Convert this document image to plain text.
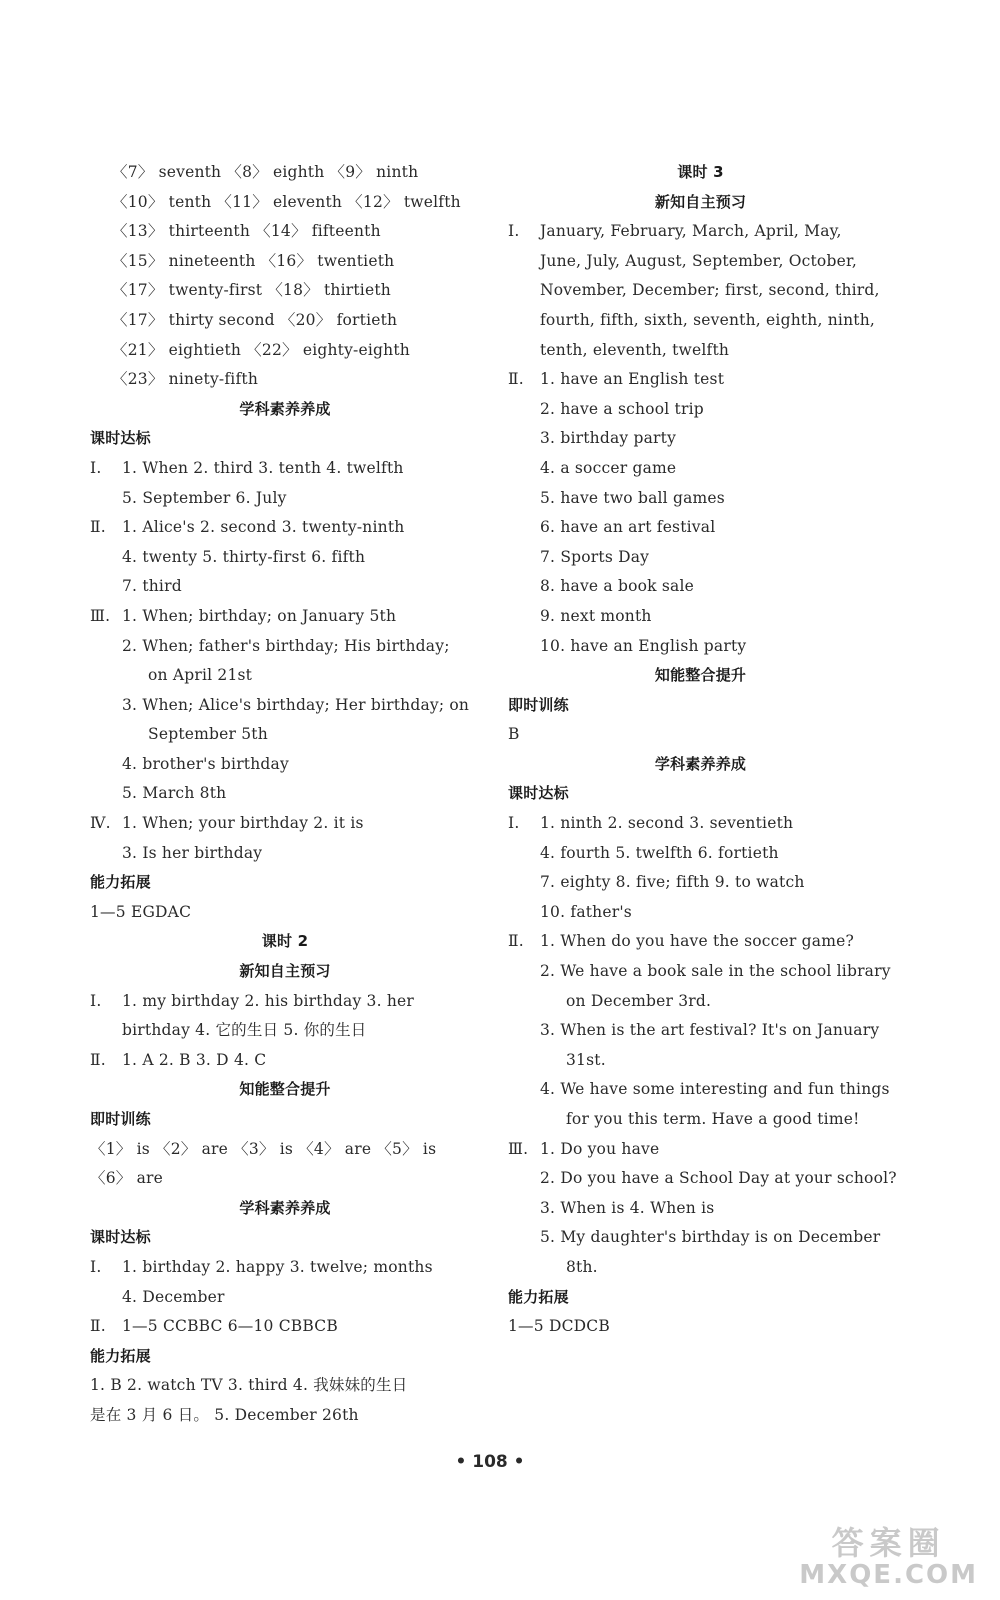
〈7〉 seventh 〈8〉 eighth 〈9〉 ninth
〈10〉 tenth 〈11〉 eleventh 〈12〉 twelfth
〈13〉 thirteenth 〈14〉 fifteenth
〈15〉 nineteenth 〈16〉 twentieth
〈17〉 twenty-first 〈18〉 thirtieth
〈17〉 thirty second 〈20〉 fortieth
〈21〉 eightieth 〈22〉 eighty-eighth
〈23〉 ninety-fifth
学科素养养成
课时达标
Ⅰ. 1. When 2. third 3. tenth 4. twelfth
5. September 6. July
Ⅱ. 1. Alice's 2. second 3. twenty-ninth
4. twenty 5. thirty-first 6. fifth
7. third
Ⅲ. 1. When; birthday; on January 5th
2. When; father's birthday; His birthday;
on April 21st
3. When; Alice's birthday; Her birthday; on
September 5th
4. brother's birthday
5. March 8th
Ⅳ. 1. When; your birthday 2. it is
3. Is her birthday
能力拓展
1—5 EGDAC
课时 2
新知自主预习
Ⅰ. 1. my birthday 2. his birthday 3. her
birthday 4. 它的生日 5. 你的生日
Ⅱ. 1. A 2. B 3. D 4. C
知能整合提升
即时训练
〈1〉 is 〈2〉 are 〈3〉 is 〈4〉 are 〈5〉 is
〈6〉 are
学科素养养成
课时达标
Ⅰ. 1. birthday 2. happy 3. twelve; months
4. December
Ⅱ. 1—5 CCBBC 6—10 CBBCB
能力拓展
1. B 2. watch TV 3. third 4. 我妹妹的生日
是在 3 月 6 日。 5. December 26th
课时 3
新知自主预习
Ⅰ. January, February, March, April, May,
June, July, August, September, October,
November, December; first, second, third,
fourth, fifth, sixth, seventh, eighth, ninth,
tenth, eleventh, twelfth
Ⅱ. 1. have an English test
2. have a school trip
3. birthday party
4. a soccer game
5. have two ball games
6. have an art festival
7. Sports Day
8. have a book sale
9. next month
10. have an English party
知能整合提升
即时训练
B
学科素养养成
课时达标
Ⅰ. 1. ninth 2. second 3. seventieth
4. fourth 5. twelfth 6. fortieth
7. eighty 8. five; fifth 9. to watch
10. father's
Ⅱ. 1. When do you have the soccer game?
2. We have a book sale in the school library
on December 3rd.
3. When is the art festival? It's on January
31st.
4. We have some interesting and fun things
for you this term. Have a good time!
Ⅲ. 1. Do you have
2. Do you have a School Day at your school?
3. When is 4. When is
5. My daughter's birthday is on December
8th.
能力拓展
1—5 DCDCB
• 108 •
答案圈
MXQE.COM
